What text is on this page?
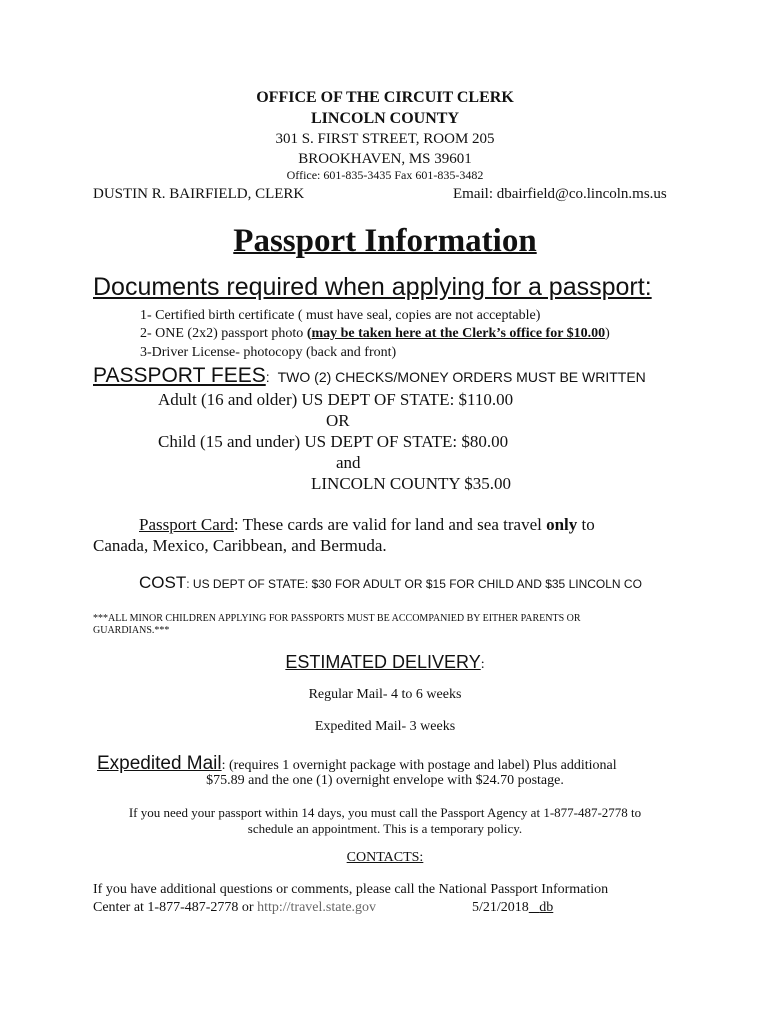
OFFICE OF THE CIRCUIT CLERK
LINCOLN COUNTY
301 S. FIRST STREET, ROOM 205
BROOKHAVEN, MS 39601
Office: 601-835-3435 Fax 601-835-3482
DUSTIN R. BAIRFIELD, CLERK	Email: dbairfield@co.lincoln.ms.us
Passport Information
Documents required when applying for a passport:
1- Certified birth certificate ( must have seal, copies are not acceptable)
2- ONE (2x2) passport photo (may be taken here at the Clerk’s office for $10.00)
3-Driver License- photocopy (back and front)
PASSPORT FEES: TWO (2) CHECKS/MONEY ORDERS MUST BE WRITTEN
Adult (16 and older) US DEPT OF STATE: $110.00
OR
Child (15 and under) US DEPT OF STATE: $80.00
and
LINCOLN COUNTY $35.00
Passport Card: These cards are valid for land and sea travel only to
Canada, Mexico, Caribbean, and Bermuda.
COST: US DEPT OF STATE: $30 FOR ADULT OR $15 FOR CHILD AND $35 LINCOLN CO
***ALL MINOR CHILDREN APPLYING FOR PASSPORTS MUST BE ACCOMPANIED BY EITHER PARENTS OR GUARDIANS.***
ESTIMATED DELIVERY:
Regular Mail- 4 to 6 weeks
Expedited Mail- 3 weeks
Expedited Mail: (requires 1 overnight package with postage and label) Plus additional
$75.89 and the one (1) overnight envelope with $24.70 postage.
If you need your passport within 14 days, you must call the Passport Agency at 1-877-487-2778 to
schedule an appointment. This is a temporary policy.
CONTACTS:
If you have additional questions or comments, please call the National Passport Information
Center at 1-877-487-2778 or http://travel.state.gov	5/21/2018 db
